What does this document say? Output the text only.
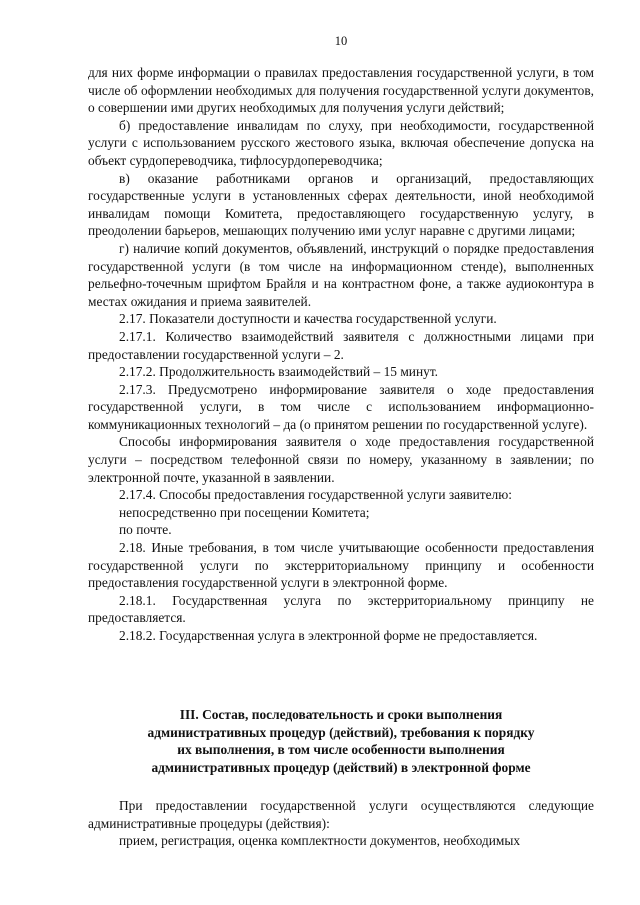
10

для них форме информации о правилах предоставления государственной услуги, в том числе об оформлении необходимых для получения государственной услуги документов, о совершении ими других необходимых для получения услуги действий;

б) предоставление инвалидам по слуху, при необходимости, государственной услуги с использованием русского жестового языка, включая обеспечение допуска на объект сурдопереводчика, тифлосурдопереводчика;

в) оказание работниками органов и организаций, предоставляющих государственные услуги в установленных сферах деятельности, иной необходимой инвалидам помощи Комитета, предоставляющего государственную услугу, в преодолении барьеров, мешающих получению ими услуг наравне с другими лицами;

г) наличие копий документов, объявлений, инструкций о порядке предоставления государственной услуги (в том числе на информационном стенде), выполненных рельефно-точечным шрифтом Брайля и на контрастном фоне, а также аудиоконтура в местах ожидания и приема заявителей.

2.17. Показатели доступности и качества государственной услуги.

2.17.1. Количество взаимодействий заявителя с должностными лицами при предоставлении государственной услуги – 2.

2.17.2. Продолжительность взаимодействий – 15 минут.

2.17.3. Предусмотрено информирование заявителя о ходе предоставления государственной услуги, в том числе с использованием информационно-коммуникационных технологий – да (о принятом решении по государственной услуге).

Способы информирования заявителя о ходе предоставления государственной услуги – посредством телефонной связи по номеру, указанному в заявлении; по электронной почте, указанной в заявлении.

2.17.4. Способы предоставления государственной услуги заявителю:

непосредственно при посещении Комитета;

по почте.

2.18. Иные требования, в том числе учитывающие особенности предоставления государственной услуги по экстерриториальному принципу и особенности предоставления государственной услуги в электронной форме.

2.18.1. Государственная услуга по экстерриториальному принципу не предоставляется.

2.18.2. Государственная услуга в электронной форме не предоставляется.

III. Состав, последовательность и сроки выполнения
административных процедур (действий), требования к порядку
их выполнения, в том числе особенности выполнения
административных процедур (действий) в электронной форме

При предоставлении государственной услуги осуществляются следующие административные процедуры (действия):

прием, регистрация, оценка комплектности документов, необходимых
